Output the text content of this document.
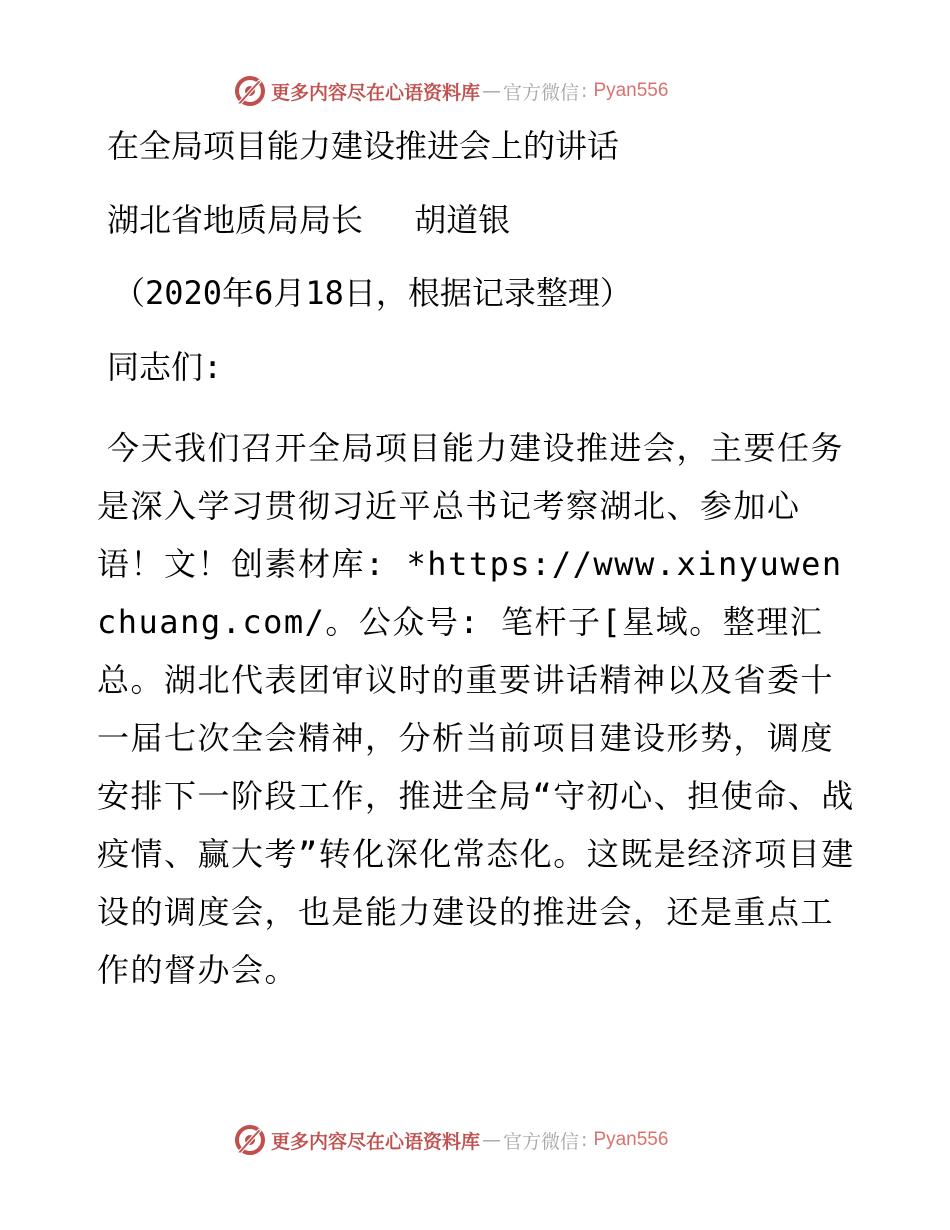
更多内容尽在心语资料库 — 官方微信 : Pyan556
在全局项目能力建设推进会上的讲话
湖北省地质局局长　 胡道银
（2020年6月18日，根据记录整理）
同志们:

今天我们召开全局项目能力建设推进会，主要任务是深入学习贯彻习近平总书记考察湖北、参加心语！文！创素材库: *https://www.xinyuwenchuang.com/。公众号: 笔杆子[星域。整理汇总。湖北代表团审议时的重要讲话精神以及省委十一届七次全会精神，分析当前项目建设形势，调度安排下一阶段工作，推进全局“守初心、担使命、战疫情、赢大考”转化深化常态化。这既是经济项目建设的调度会，也是能力建设的推进会，还是重点工作的督办会。

更多内容尽在心语资料库 — 官方微信 : Pyan556
